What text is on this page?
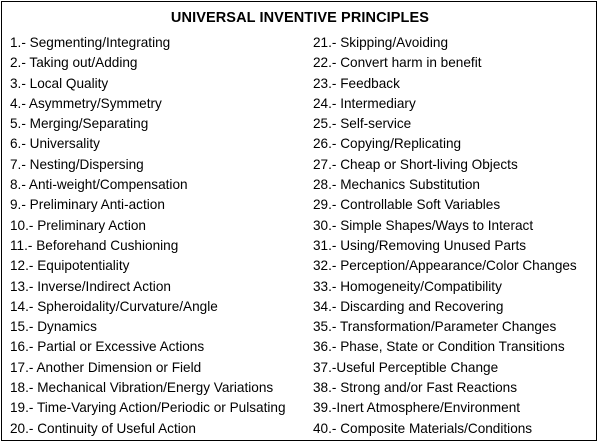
UNIVERSAL INVENTIVE PRINCIPLES
1.- Segmenting/Integrating
2.- Taking out/Adding
3.- Local Quality
4.- Asymmetry/Symmetry
5.- Merging/Separating
6.- Universality
7.- Nesting/Dispersing
8.- Anti-weight/Compensation
9.- Preliminary Anti-action
10.- Preliminary Action
11.- Beforehand Cushioning
12.- Equipotentiality
13.- Inverse/Indirect Action
14.- Spheroidality/Curvature/Angle
15.- Dynamics
16.- Partial or Excessive Actions
17.- Another Dimension or Field
18.- Mechanical Vibration/Energy Variations
19.- Time-Varying Action/Periodic or Pulsating
20.- Continuity of Useful Action
21.- Skipping/Avoiding
22.- Convert harm in benefit
23.- Feedback
24.- Intermediary
25.- Self-service
26.- Copying/Replicating
27.- Cheap or Short-living Objects
28.- Mechanics Substitution
29.- Controllable Soft Variables
30.- Simple Shapes/Ways to Interact
31.- Using/Removing Unused Parts
32.- Perception/Appearance/Color Changes
33.- Homogeneity/Compatibility
34.- Discarding and Recovering
35.- Transformation/Parameter Changes
36.- Phase, State or Condition Transitions
37.-Useful Perceptible Change
38.- Strong and/or Fast Reactions
39.-Inert Atmosphere/Environment
40.- Composite Materials/Conditions
